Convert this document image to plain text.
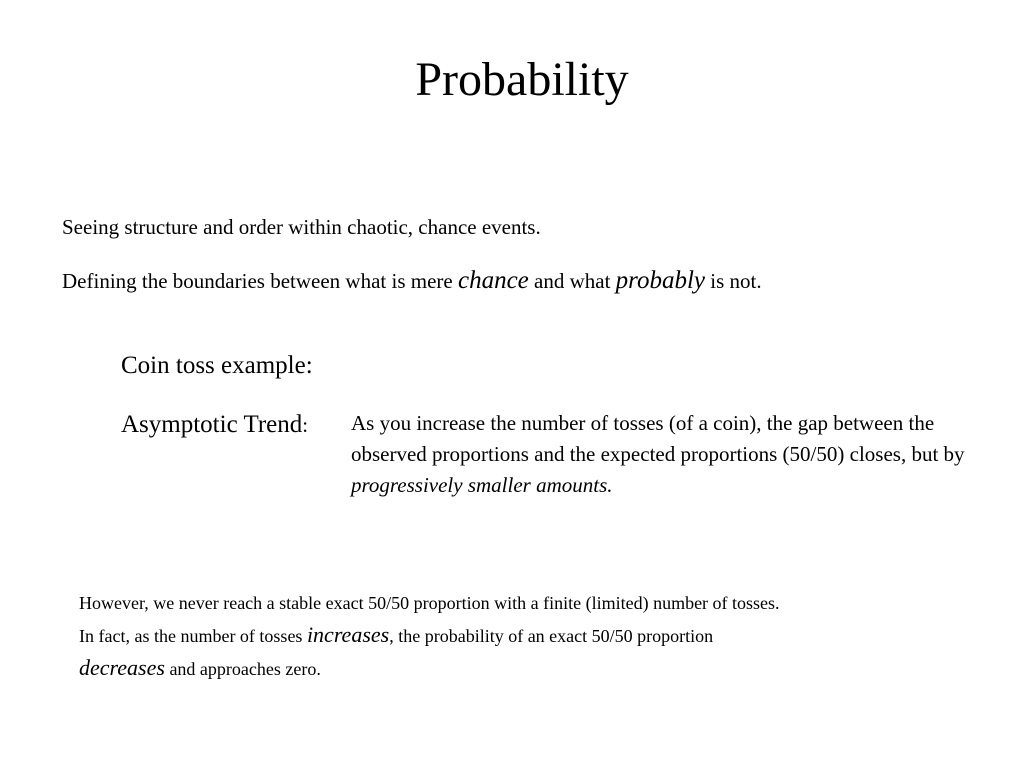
Probability
Seeing structure and order within chaotic, chance events.
Defining the boundaries between what is mere chance and what probably is not.
Coin toss example:
Asymptotic Trend: As you increase the number of tosses (of a coin), the gap between the observed proportions and the expected proportions (50/50) closes, but by progressively smaller amounts.
However, we never reach a stable exact 50/50 proportion with a finite (limited) number of tosses.
In fact, as the number of tosses increases, the probability of an exact 50/50 proportion
decreases and approaches zero.
